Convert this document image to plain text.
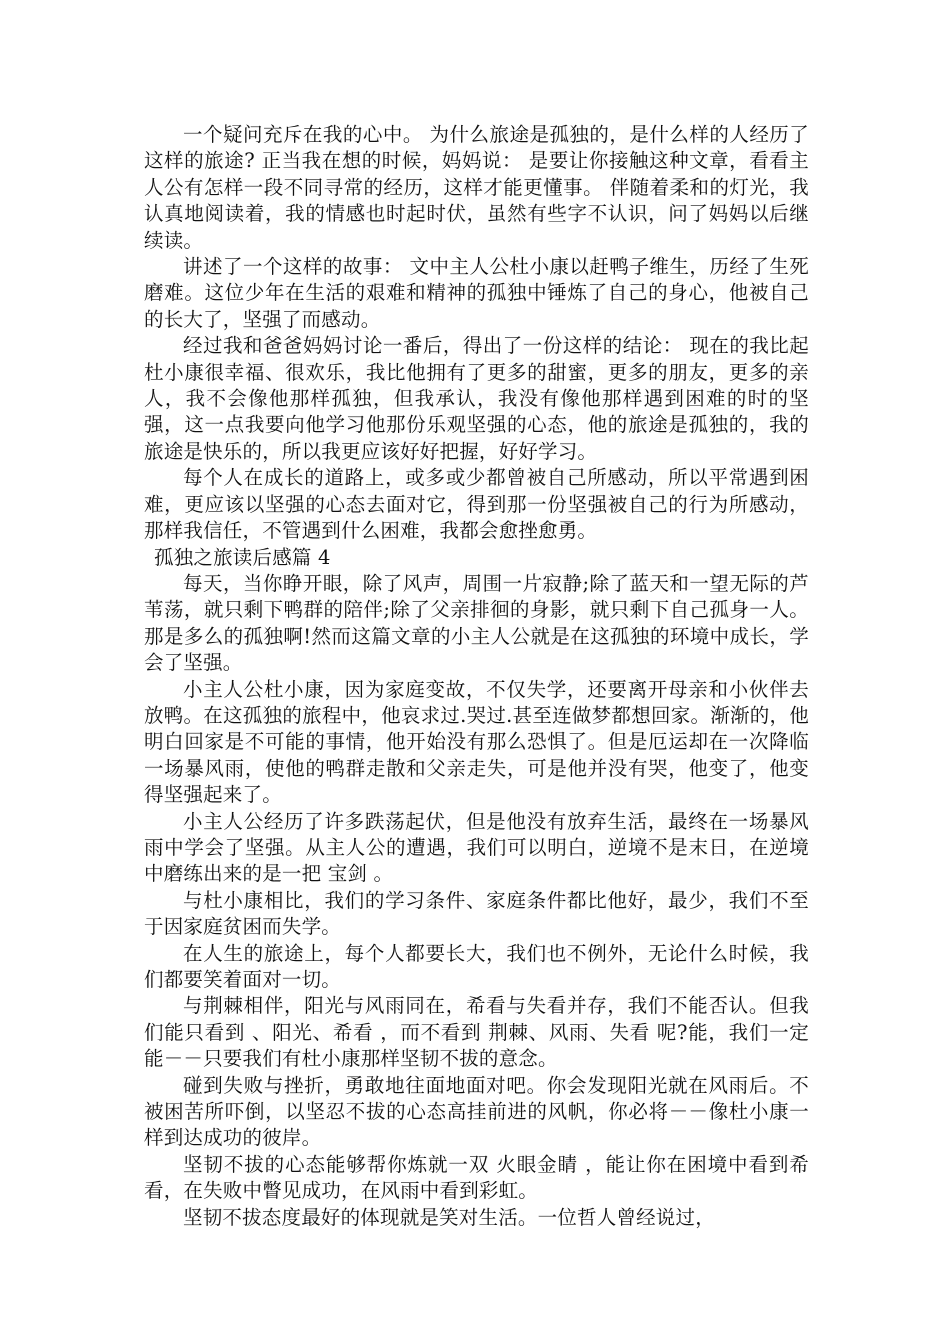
一个疑问充斥在我的心中。 为什么旅途是孤独的，是什么样的人经历了这样的旅途? 正当我在想的时候，妈妈说： 是要让你接触这种文章，看看主人公有怎样一段不同寻常的经历，这样才能更懂事。 伴随着柔和的灯光，我认真地阅读着，我的情感也时起时伏，虽然有些字不认识，问了妈妈以后继续读。

讲述了一个这样的故事： 文中主人公杜小康以赶鸭子维生，历经了生死磨难。这位少年在生活的艰难和精神的孤独中锤炼了自己的身心，他被自己的长大了，坚强了而感动。

经过我和爸爸妈妈讨论一番后，得出了一份这样的结论： 现在的我比起杜小康很幸福、很欢乐，我比他拥有了更多的甜蜜，更多的朋友，更多的亲人，我不会像他那样孤独，但我承认，我没有像他那样遇到困难的时的坚强，这一点我要向他学习他那份乐观坚强的心态，他的旅途是孤独的，我的旅途是快乐的，所以我更应该好好把握，好好学习。

每个人在成长的道路上，或多或少都曾被自己所感动，所以平常遇到困难，更应该以坚强的心态去面对它，得到那一份坚强被自己的行为所感动，那样我信任，不管遇到什么困难，我都会愈挫愈勇。

孤独之旅读后感篇 4

每天，当你睁开眼，除了风声，周围一片寂静;除了蓝天和一望无际的芦苇荡，就只剩下鸭群的陪伴;除了父亲排徊的身影，就只剩下自己孤身一人。那是多么的孤独啊!然而这篇文章的小主人公就是在这孤独的环境中成长，学会了坚强。

小主人公杜小康，因为家庭变故，不仅失学，还要离开母亲和小伙伴去放鸭。在这孤独的旅程中，他哀求过.哭过.甚至连做梦都想回家。渐渐的，他明白回家是不可能的事情，他开始没有那么恐惧了。但是厄运却在一次降临 一场暴风雨，使他的鸭群走散和父亲走失，可是他并没有哭，他变了，他变得坚强起来了。

小主人公经历了许多跌荡起伏，但是他没有放弃生活，最终在一场暴风雨中学会了坚强。从主人公的遭遇，我们可以明白，逆境不是末日，在逆境中磨练出来的是一把 宝剑 。

与杜小康相比，我们的学习条件、家庭条件都比他好，最少，我们不至于因家庭贫困而失学。

在人生的旅途上，每个人都要长大，我们也不例外，无论什么时候，我们都要笑着面对一切。

与荆棘相伴，阳光与风雨同在，希看与失看并存，我们不能否认。但我们能只看到 、阳光、希看 ，而不看到 荆棘、风雨、失看 呢?能，我们一定能－－只要我们有杜小康那样坚韧不拔的意念。

碰到失败与挫折，勇敢地往面地面对吧。你会发现阳光就在风雨后。不被困苦所吓倒，以坚忍不拔的心态高挂前进的风帆，你必将－－像杜小康一样到达成功的彼岸。

坚韧不拔的心态能够帮你炼就一双 火眼金睛 ，能让你在困境中看到希看，在失败中瞥见成功，在风雨中看到彩虹。

坚韧不拔态度最好的体现就是笑对生活。一位哲人曾经说过，
